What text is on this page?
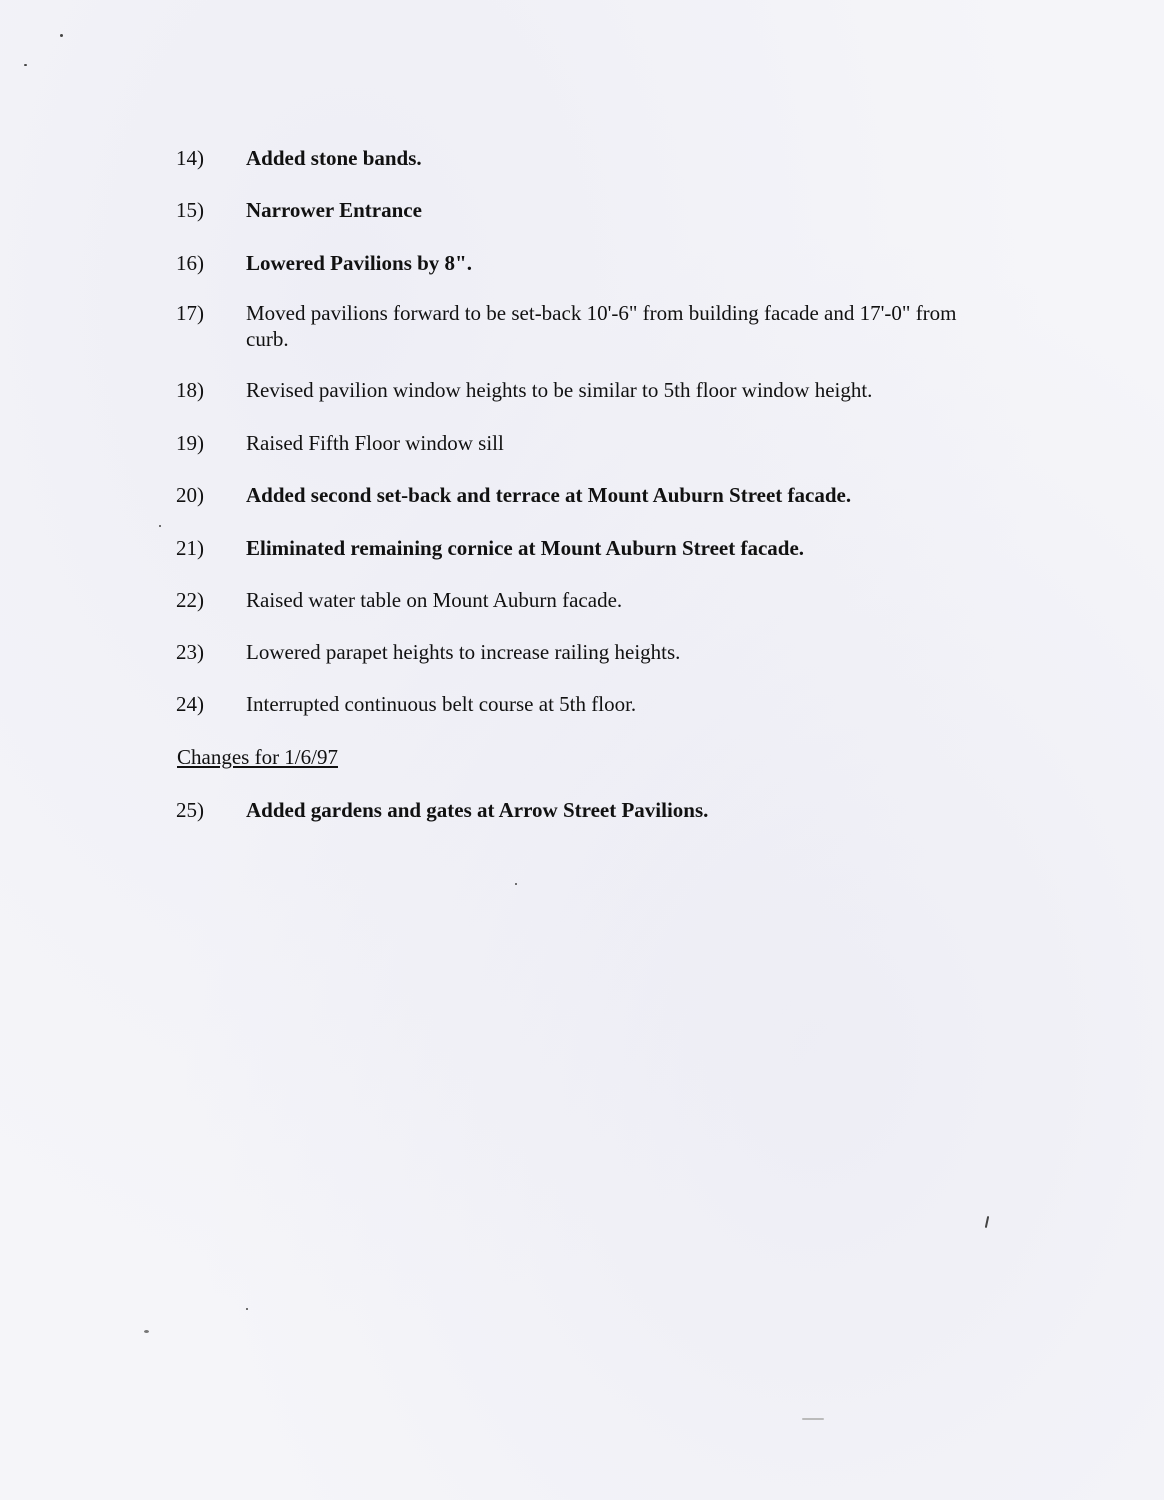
14) Added stone bands.
15) Narrower Entrance
16) Lowered Pavilions by 8".
17) Moved pavilions forward to be set-back 10'-6" from building facade and 17'-0" from curb.
18) Revised pavilion window heights to be similar to 5th floor window height.
19) Raised Fifth Floor window sill
20) Added second set-back and terrace at Mount Auburn Street facade.
21) Eliminated remaining cornice at Mount Auburn Street facade.
22) Raised water table on Mount Auburn facade.
23) Lowered parapet heights to increase railing heights.
24) Interrupted continuous belt course at 5th floor.
Changes for 1/6/97
25) Added gardens and gates at Arrow Street Pavilions.
